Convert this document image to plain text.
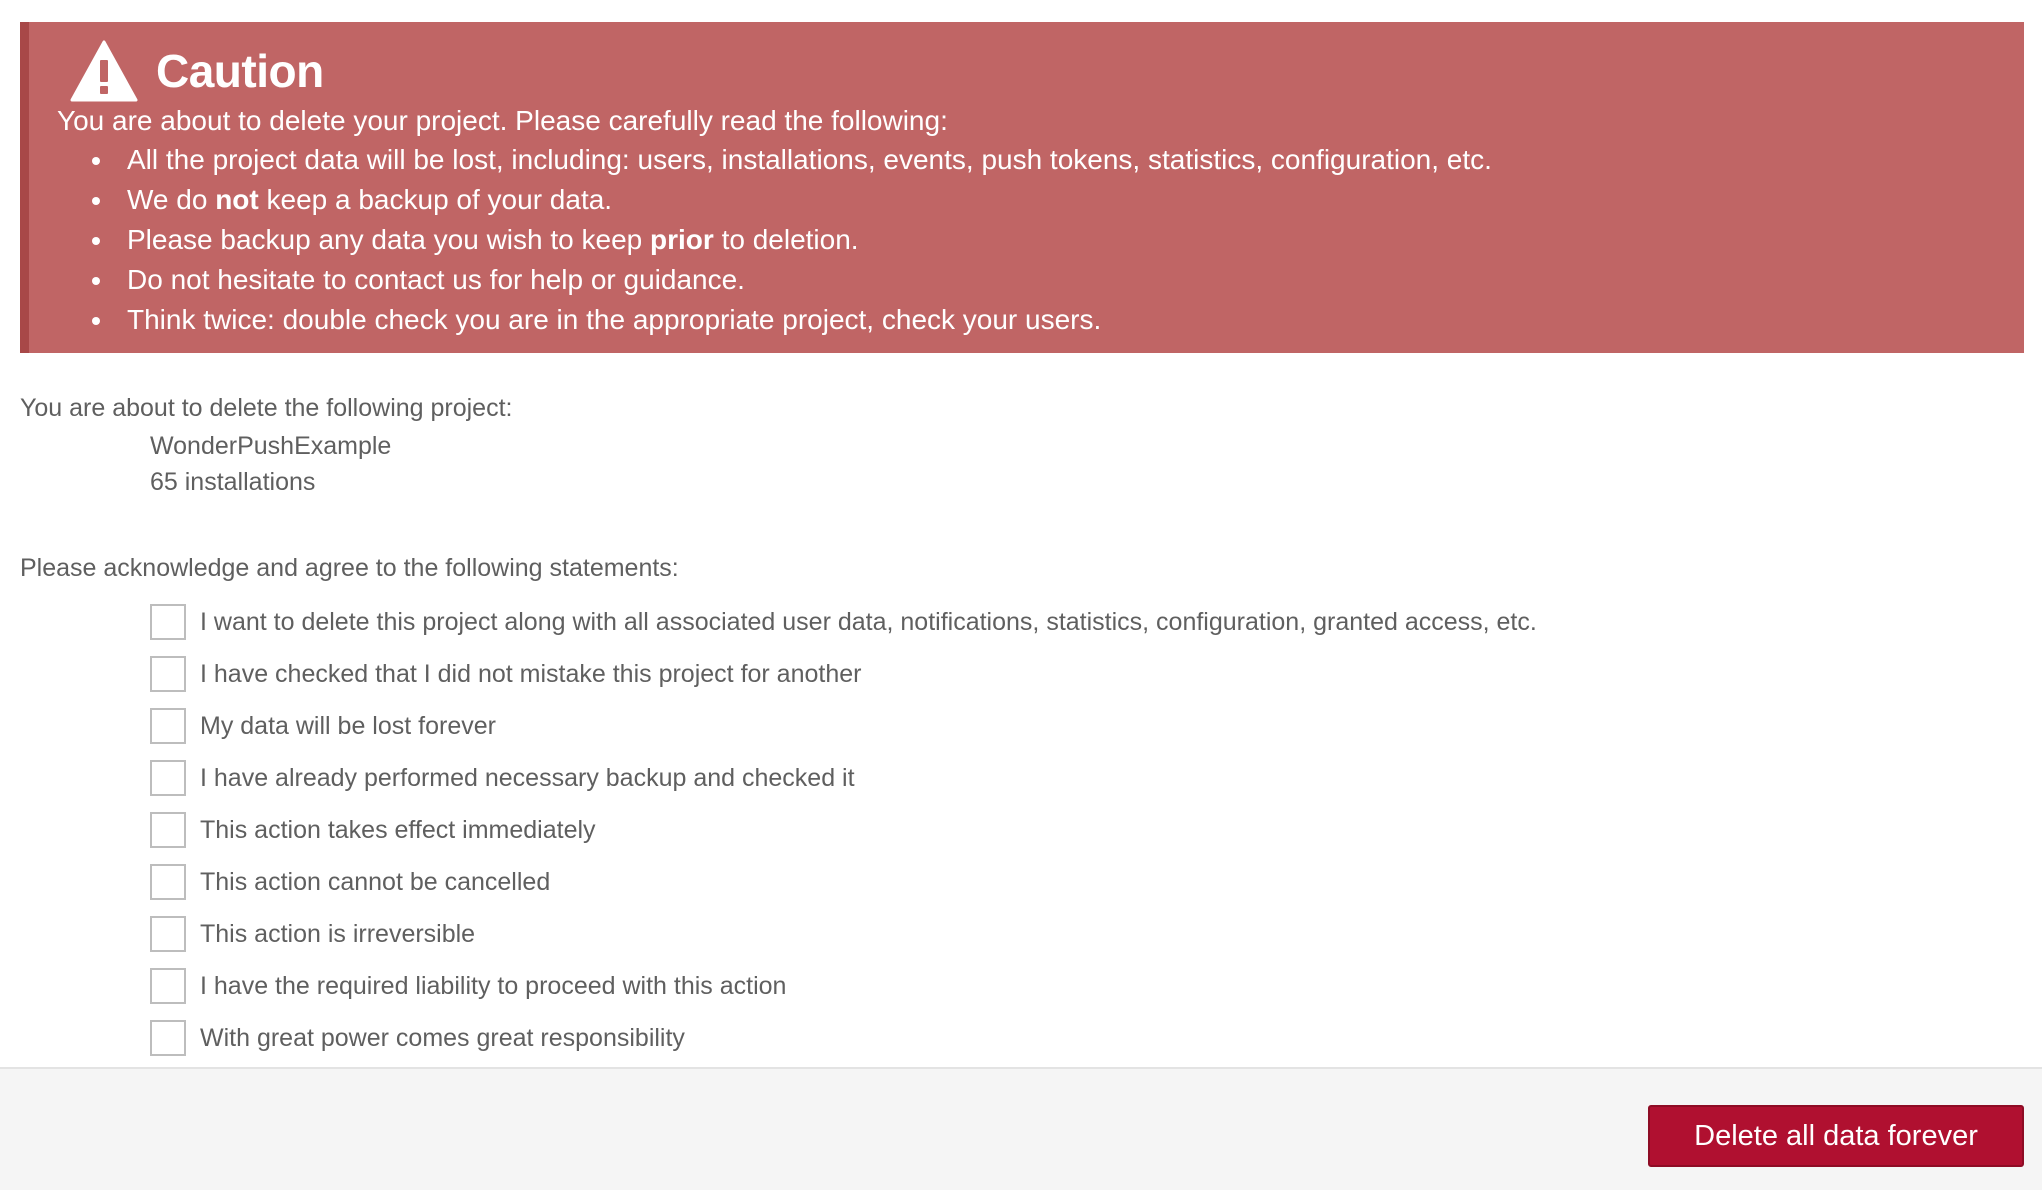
Caution
You are about to delete your project. Please carefully read the following:
• All the project data will be lost, including: users, installations, events, push tokens, statistics, configuration, etc.
• We do not keep a backup of your data.
• Please backup any data you wish to keep prior to deletion.
• Do not hesitate to contact us for help or guidance.
• Think twice: double check you are in the appropriate project, check your users.
You are about to delete the following project:
WonderPushExample
65 installations
Please acknowledge and agree to the following statements:
I want to delete this project along with all associated user data, notifications, statistics, configuration, granted access, etc.
I have checked that I did not mistake this project for another
My data will be lost forever
I have already performed necessary backup and checked it
This action takes effect immediately
This action cannot be cancelled
This action is irreversible
I have the required liability to proceed with this action
With great power comes great responsibility
Delete all data forever
